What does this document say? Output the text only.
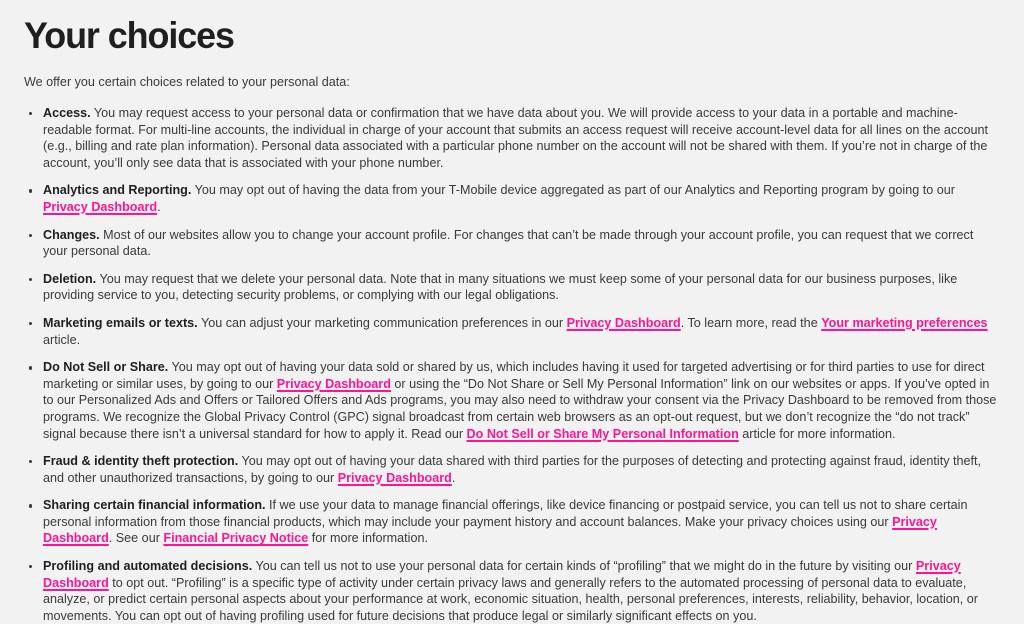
Your choices

We offer you certain choices related to your personal data:

Access. You may request access to your personal data or confirmation that we have data about you. We will provide access to your data in a portable and machine-readable format. For multi-line accounts, the individual in charge of your account that submits an access request will receive account-level data for all lines on the account (e.g., billing and rate plan information). Personal data associated with a particular phone number on the account will not be shared with them. If you’re not in charge of the account, you’ll only see data that is associated with your phone number.
Analytics and Reporting. You may opt out of having the data from your T-Mobile device aggregated as part of our Analytics and Reporting program by going to our Privacy Dashboard.
Changes. Most of our websites allow you to change your account profile. For changes that can’t be made through your account profile, you can request that we correct your personal data.
Deletion. You may request that we delete your personal data. Note that in many situations we must keep some of your personal data for our business purposes, like providing service to you, detecting security problems, or complying with our legal obligations.
Marketing emails or texts. You can adjust your marketing communication preferences in our Privacy Dashboard. To learn more, read the Your marketing preferences article.
Do Not Sell or Share. You may opt out of having your data sold or shared by us, which includes having it used for targeted advertising or for third parties to use for direct marketing or similar uses, by going to our Privacy Dashboard or using the “Do Not Share or Sell My Personal Information” link on our websites or apps. If you’ve opted in to our Personalized Ads and Offers or Tailored Offers and Ads programs, you may also need to withdraw your consent via the Privacy Dashboard to be removed from those programs. We recognize the Global Privacy Control (GPC) signal broadcast from certain web browsers as an opt-out request, but we don’t recognize the “do not track” signal because there isn’t a universal standard for how to apply it. Read our Do Not Sell or Share My Personal Information article for more information.
Fraud & identity theft protection. You may opt out of having your data shared with third parties for the purposes of detecting and protecting against fraud, identity theft, and other unauthorized transactions, by going to our Privacy Dashboard.
Sharing certain financial information. If we use your data to manage financial offerings, like device financing or postpaid service, you can tell us not to share certain personal information from those financial products, which may include your payment history and account balances. Make your privacy choices using our Privacy Dashboard. See our Financial Privacy Notice for more information.
Profiling and automated decisions. You can tell us not to use your personal data for certain kinds of “profiling” that we might do in the future by visiting our Privacy Dashboard to opt out. “Profiling” is a specific type of activity under certain privacy laws and generally refers to the automated processing of personal data to evaluate, analyze, or predict certain personal aspects about your performance at work, economic situation, health, personal preferences, interests, reliability, behavior, location, or movements. You can opt out of having profiling used for future decisions that produce legal or similarly significant effects on you.
